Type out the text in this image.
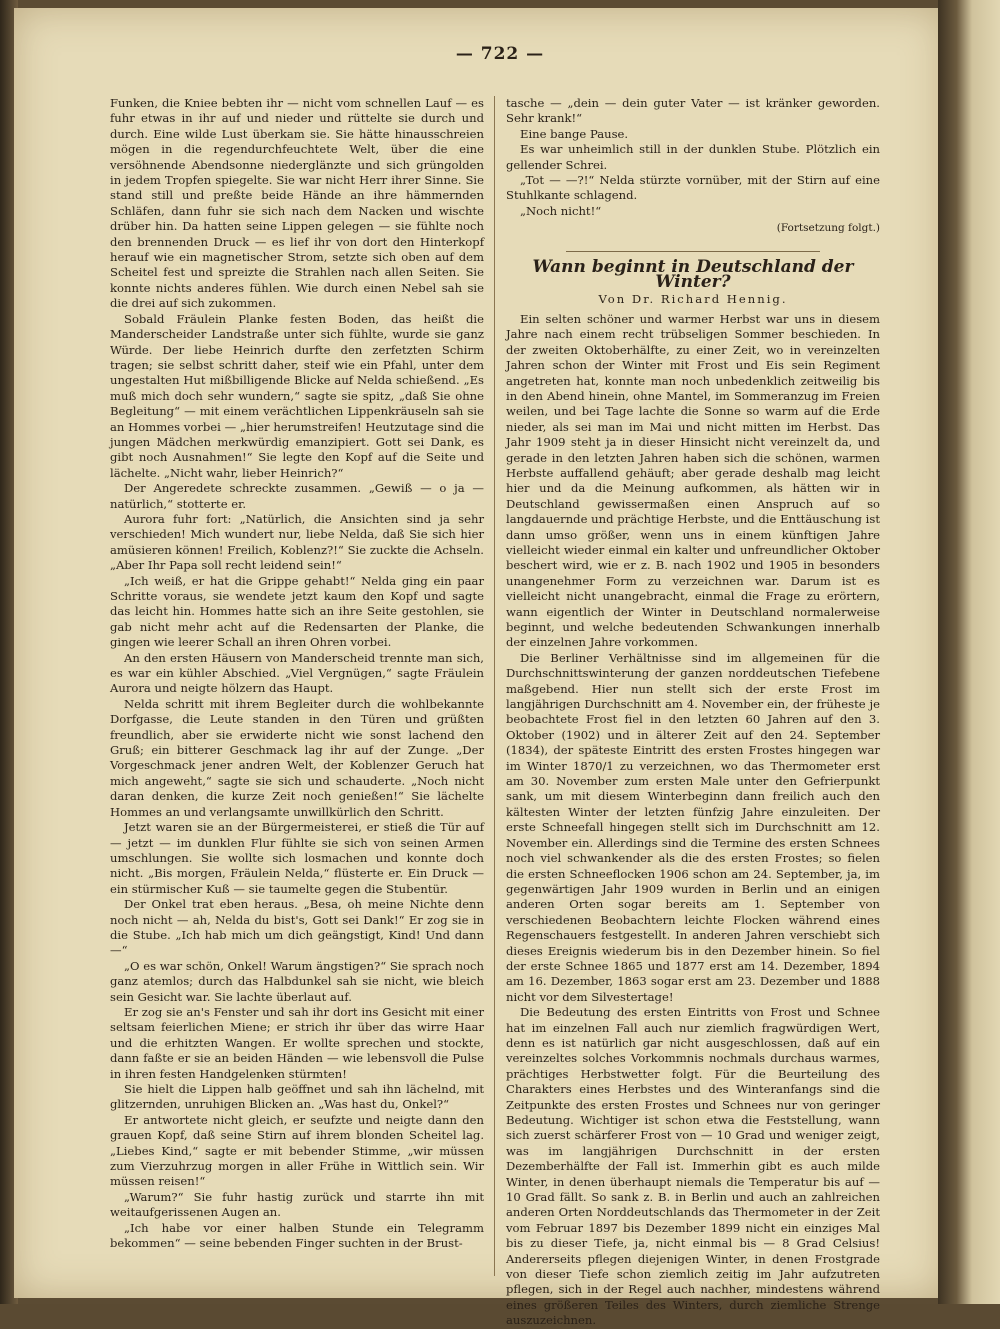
— 722 —

Funken, die Kniee bebten ihr — nicht vom schnellen Lauf — es fuhr etwas in ihr auf und nieder und rüttelte sie durch und durch. Eine wilde Lust überkam sie. Sie hätte hinausschreien mögen in die regendurchfeuchtete Welt, über die eine versöhnende Abendsonne niederglänzte und sich grüngolden in jedem Tropfen spiegelte. Sie war nicht Herr ihrer Sinne. Sie stand still und preßte beide Hände an ihre hämmernden Schläfen, dann fuhr sie sich nach dem Nacken und wischte drüber hin. Da hatten seine Lippen gelegen — sie fühlte noch den brennenden Druck — es lief ihr von dort den Hinterkopf herauf wie ein magnetischer Strom, setzte sich oben auf dem Scheitel fest und spreizte die Strahlen nach allen Seiten. Sie konnte nichts anderes fühlen. Wie durch einen Nebel sah sie die drei auf sich zukommen.

Sobald Fräulein Planke festen Boden, das heißt die Manderscheider Landstraße unter sich fühlte, wurde sie ganz Würde. Der liebe Heinrich durfte den zerfetzten Schirm tragen; sie selbst schritt daher, steif wie ein Pfahl, unter dem ungestalten Hut mißbilligende Blicke auf Nelda schießend. „Es muß mich doch sehr wundern,“ sagte sie spitz, „daß Sie ohne Begleitung“ — mit einem verächtlichen Lippenkräuseln sah sie an Hommes vorbei — „hier herumstreifen! Heutzutage sind die jungen Mädchen merkwürdig emanzipiert. Gott sei Dank, es gibt noch Ausnahmen!“ Sie legte den Kopf auf die Seite und lächelte. „Nicht wahr, lieber Heinrich?“

Der Angeredete schreckte zusammen. „Gewiß — o ja — natürlich,“ stotterte er.

Aurora fuhr fort: „Natürlich, die Ansichten sind ja sehr verschieden! Mich wundert nur, liebe Nelda, daß Sie sich hier amüsieren können! Freilich, Koblenz?!“ Sie zuckte die Achseln. „Aber Ihr Papa soll recht leidend sein!“

„Ich weiß, er hat die Grippe gehabt!“ Nelda ging ein paar Schritte voraus, sie wendete jetzt kaum den Kopf und sagte das leicht hin. Hommes hatte sich an ihre Seite gestohlen, sie gab nicht mehr acht auf die Redensarten der Planke, die gingen wie leerer Schall an ihren Ohren vorbei.

An den ersten Häusern von Manderscheid trennte man sich, es war ein kühler Abschied. „Viel Vergnügen,“ sagte Fräulein Aurora und neigte hölzern das Haupt.

Nelda schritt mit ihrem Begleiter durch die wohlbekannte Dorfgasse, die Leute standen in den Türen und grüßten freundlich, aber sie erwiderte nicht wie sonst lachend den Gruß; ein bitterer Geschmack lag ihr auf der Zunge. „Der Vorgeschmack jener andren Welt, der Koblenzer Geruch hat mich angeweht,“ sagte sie sich und schauderte. „Noch nicht daran denken, die kurze Zeit noch genießen!“ Sie lächelte Hommes an und verlangsamte unwillkürlich den Schritt.

Jetzt waren sie an der Bürgermeisterei, er stieß die Tür auf — jetzt — im dunklen Flur fühlte sie sich von seinen Armen umschlungen. Sie wollte sich losmachen und konnte doch nicht. „Bis morgen, Fräulein Nelda,“ flüsterte er. Ein Druck — ein stürmischer Kuß — sie taumelte gegen die Stubentür.

Der Onkel trat eben heraus. „Besa, oh meine Nichte denn noch nicht — ah, Nelda du bist's, Gott sei Dank!“ Er zog sie in die Stube. „Ich hab mich um dich geängstigt, Kind! Und dann —“

„O es war schön, Onkel! Warum ängstigen?“ Sie sprach noch ganz atemlos; durch das Halbdunkel sah sie nicht, wie bleich sein Gesicht war. Sie lachte überlaut auf.

Er zog sie an's Fenster und sah ihr dort ins Gesicht mit einer seltsam feierlichen Miene; er strich ihr über das wirre Haar und die erhitzten Wangen. Er wollte sprechen und stockte, dann faßte er sie an beiden Händen — wie lebensvoll die Pulse in ihren festen Handgelenken stürmten!

Sie hielt die Lippen halb geöffnet und sah ihn lächelnd, mit glitzernden, unruhigen Blicken an. „Was hast du, Onkel?“

Er antwortete nicht gleich, er seufzte und neigte dann den grauen Kopf, daß seine Stirn auf ihrem blonden Scheitel lag. „Liebes Kind,“ sagte er mit bebender Stimme, „wir müssen zum Vierzuhrzug morgen in aller Frühe in Wittlich sein. Wir müssen reisen!“

„Warum?“ Sie fuhr hastig zurück und starrte ihn mit weitaufgerissenen Augen an.

„Ich habe vor einer halben Stunde ein Telegramm bekommen“ — seine bebenden Finger suchten in der Brust-

tasche — „dein — dein guter Vater — ist kränker geworden. Sehr krank!“

Eine bange Pause.

Es war unheimlich still in der dunklen Stube. Plötzlich ein gellender Schrei.

„Tot — —?!“ Nelda stürzte vornüber, mit der Stirn auf eine Stuhlkante schlagend.

„Noch nicht!“

(Fortsetzung folgt.)

Wann beginnt in Deutschland der Winter?
Von Dr. Richard Hennig.

Ein selten schöner und warmer Herbst war uns in diesem Jahre nach einem recht trübseligen Sommer beschieden. In der zweiten Oktoberhälfte, zu einer Zeit, wo in vereinzelten Jahren schon der Winter mit Frost und Eis sein Regiment angetreten hat, konnte man noch unbedenklich zeitweilig bis in den Abend hinein, ohne Mantel, im Sommeranzug im Freien weilen, und bei Tage lachte die Sonne so warm auf die Erde nieder, als sei man im Mai und nicht mitten im Herbst. Das Jahr 1909 steht ja in dieser Hinsicht nicht vereinzelt da, und gerade in den letzten Jahren haben sich die schönen, warmen Herbste auffallend gehäuft; aber gerade deshalb mag leicht hier und da die Meinung aufkommen, als hätten wir in Deutschland gewissermaßen einen Anspruch auf so langdauernde und prächtige Herbste, und die Enttäuschung ist dann umso größer, wenn uns in einem künftigen Jahre vielleicht wieder einmal ein kalter und unfreundlicher Oktober beschert wird, wie er z. B. nach 1902 und 1905 in besonders unangenehmer Form zu verzeichnen war. Darum ist es vielleicht nicht unangebracht, einmal die Frage zu erörtern, wann eigentlich der Winter in Deutschland normalerweise beginnt, und welche bedeutenden Schwankungen innerhalb der einzelnen Jahre vorkommen.

Die Berliner Verhältnisse sind im allgemeinen für die Durchschnittswinterung der ganzen norddeutschen Tiefebene maßgebend. Hier nun stellt sich der erste Frost im langjährigen Durchschnitt am 4. November ein, der früheste je beobachtete Frost fiel in den letzten 60 Jahren auf den 3. Oktober (1902) und in älterer Zeit auf den 24. September (1834), der späteste Eintritt des ersten Frostes hingegen war im Winter 1870/1 zu verzeichnen, wo das Thermometer erst am 30. November zum ersten Male unter den Gefrierpunkt sank, um mit diesem Winterbeginn dann freilich auch den kältesten Winter der letzten fünfzig Jahre einzuleiten. Der erste Schneefall hingegen stellt sich im Durchschnitt am 12. November ein. Allerdings sind die Termine des ersten Schnees noch viel schwankender als die des ersten Frostes; so fielen die ersten Schneeflocken 1906 schon am 24. September, ja, im gegenwärtigen Jahr 1909 wurden in Berlin und an einigen anderen Orten sogar bereits am 1. September von verschiedenen Beobachtern leichte Flocken während eines Regenschauers festgestellt. In anderen Jahren verschiebt sich dieses Ereignis wiederum bis in den Dezember hinein. So fiel der erste Schnee 1865 und 1877 erst am 14. Dezember, 1894 am 16. Dezember, 1863 sogar erst am 23. Dezember und 1888 nicht vor dem Silvestertage!

Die Bedeutung des ersten Eintritts von Frost und Schnee hat im einzelnen Fall auch nur ziemlich fragwürdigen Wert, denn es ist natürlich gar nicht ausgeschlossen, daß auf ein vereinzeltes solches Vorkommnis nochmals durchaus warmes, prächtiges Herbstwetter folgt. Für die Beurteilung des Charakters eines Herbstes und des Winteranfangs sind die Zeitpunkte des ersten Frostes und Schnees nur von geringer Bedeutung. Wichtiger ist schon etwa die Feststellung, wann sich zuerst schärferer Frost von — 10 Grad und weniger zeigt, was im langjährigen Durchschnitt in der ersten Dezemberhälfte der Fall ist. Immerhin gibt es auch milde Winter, in denen überhaupt niemals die Temperatur bis auf — 10 Grad fällt. So sank z. B. in Berlin und auch an zahlreichen anderen Orten Norddeutschlands das Thermometer in der Zeit vom Februar 1897 bis Dezember 1899 nicht ein einziges Mal bis zu dieser Tiefe, ja, nicht einmal bis — 8 Grad Celsius! Andererseits pflegen diejenigen Winter, in denen Frostgrade von dieser Tiefe schon ziemlich zeitig im Jahr aufzutreten pflegen, sich in der Regel auch nachher, mindestens während eines größeren Teiles des Winters, durch ziemliche Strenge auszuzeichnen.
